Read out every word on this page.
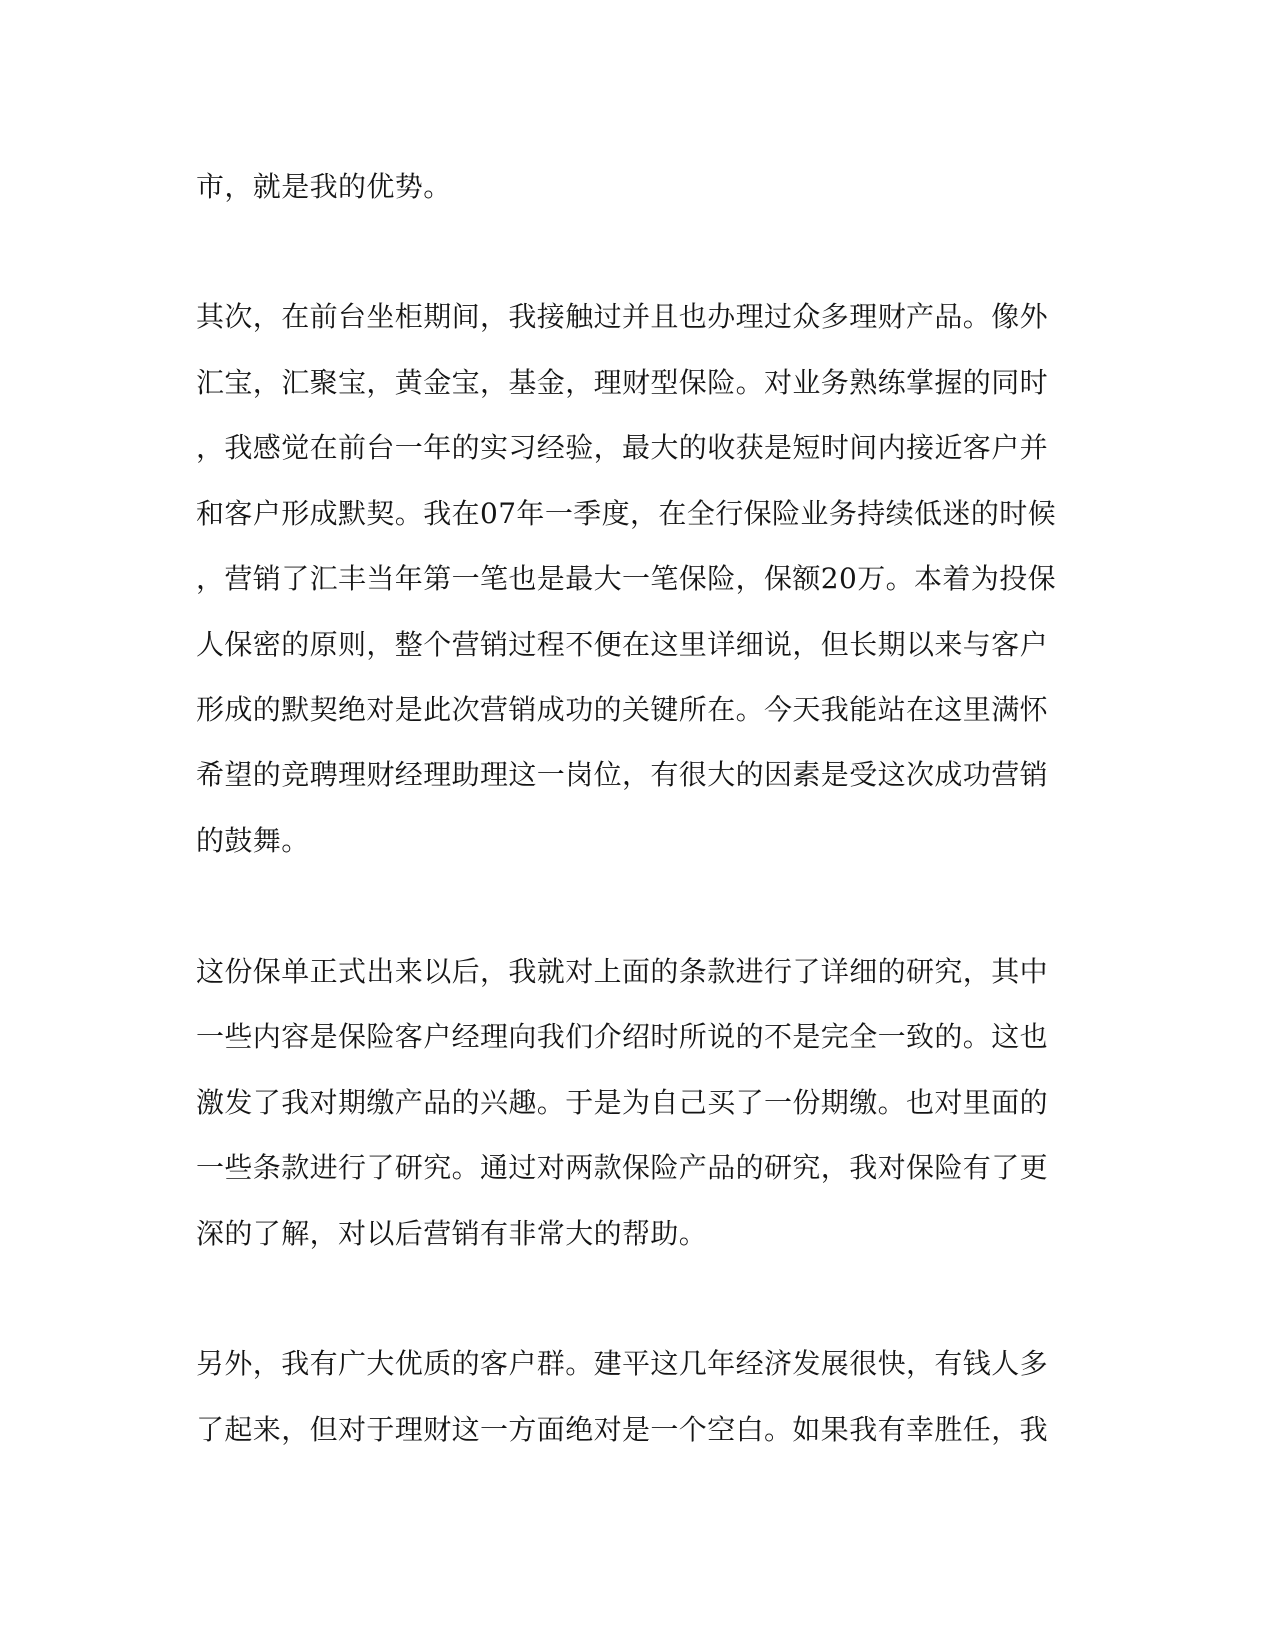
市，就是我的优势。
其次，在前台坐柜期间，我接触过并且也办理过众多理财产品。像外
汇宝，汇聚宝，黄金宝，基金，理财型保险。对业务熟练掌握的同时
，我感觉在前台一年的实习经验，最大的收获是短时间内接近客户并
和客户形成默契。我在07年一季度，在全行保险业务持续低迷的时候
，营销了汇丰当年第一笔也是最大一笔保险，保额20万。本着为投保
人保密的原则，整个营销过程不便在这里详细说，但长期以来与客户
形成的默契绝对是此次营销成功的关键所在。今天我能站在这里满怀
希望的竞聘理财经理助理这一岗位，有很大的因素是受这次成功营销
的鼓舞。
这份保单正式出来以后，我就对上面的条款进行了详细的研究，其中
一些内容是保险客户经理向我们介绍时所说的不是完全一致的。这也
激发了我对期缴产品的兴趣。于是为自己买了一份期缴。也对里面的
一些条款进行了研究。通过对两款保险产品的研究，我对保险有了更
深的了解，对以后营销有非常大的帮助。
另外，我有广大优质的客户群。建平这几年经济发展很快，有钱人多
了起来，但对于理财这一方面绝对是一个空白。如果我有幸胜任，我
